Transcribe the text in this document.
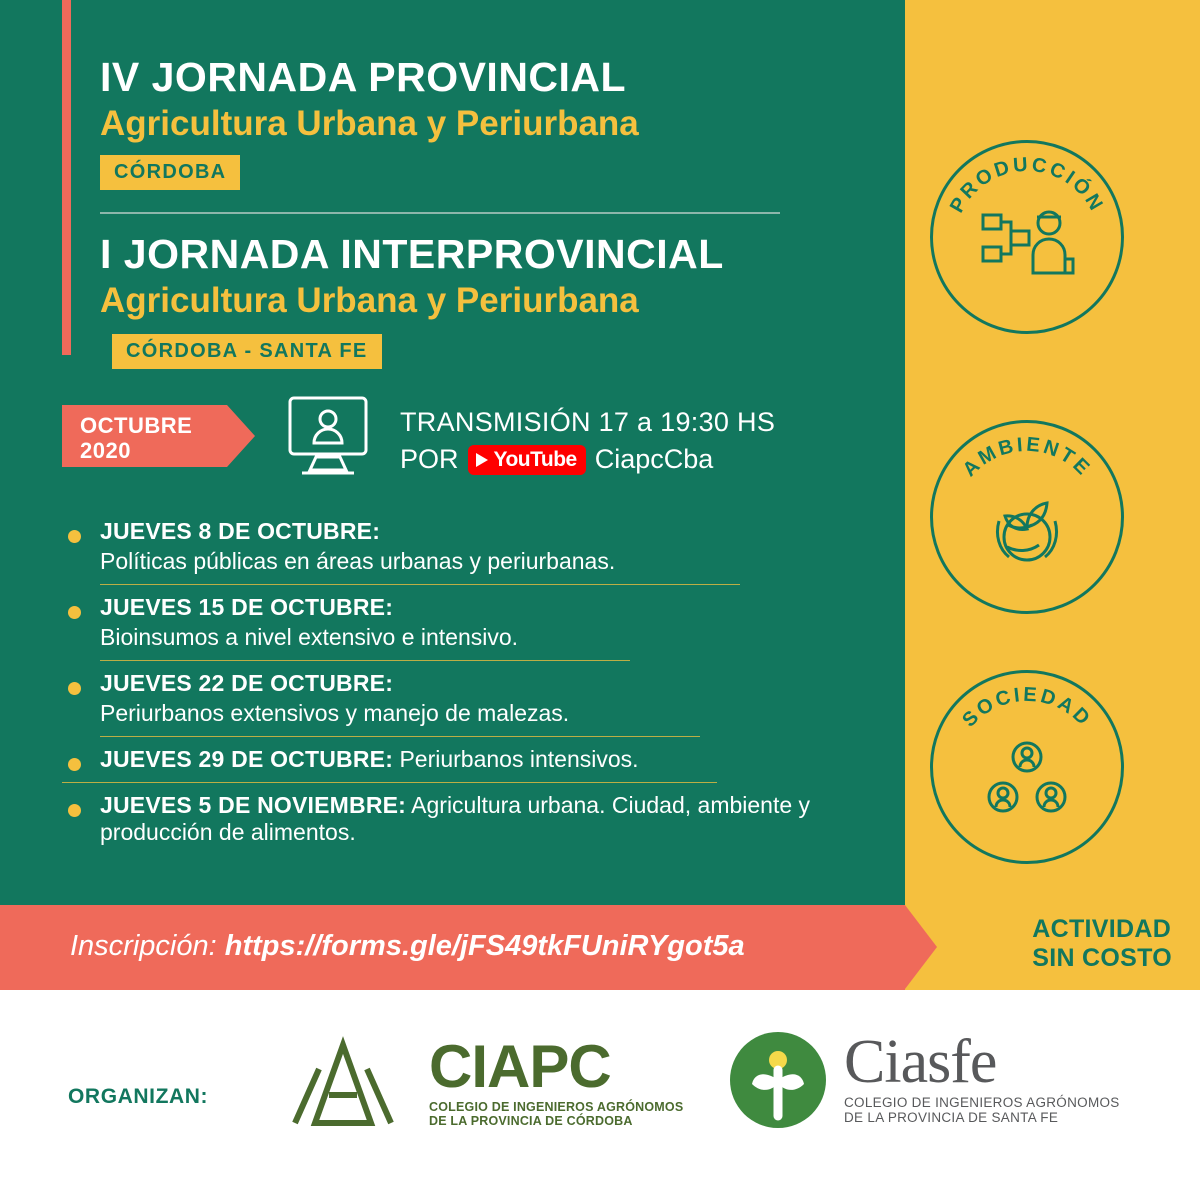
IV JORNADA PROVINCIAL
Agricultura Urbana y Periurbana
CÓRDOBA
I JORNADA INTERPROVINCIAL
Agricultura Urbana y Periurbana
CÓRDOBA - SANTA FE
OCTUBRE
2020
TRANSMISIÓN 17 a 19:30 HS
POR YouTube CiapcCba
JUEVES 8 DE OCTUBRE:
Políticas públicas en áreas urbanas y periurbanas.
JUEVES 15 DE OCTUBRE:
Bioinsumos a nivel extensivo e intensivo.
JUEVES 22 DE OCTUBRE:
Periurbanos extensivos y manejo de malezas.
JUEVES 29 DE OCTUBRE: Periurbanos intensivos.
JUEVES 5 DE NOVIEMBRE: Agricultura urbana. Ciudad, ambiente y producción de alimentos.
PRODUCCIÓN
AMBIENTE
SOCIEDAD
Inscripción: https://forms.gle/jFS49tkFUniRYgot5a
ACTIVIDAD
SIN COSTO
ORGANIZAN:	CIAPC
COLEGIO DE INGENIEROS AGRÓNOMOS
DE LA PROVINCIA DE CÓRDOBA
Ciasfe
COLEGIO DE INGENIEROS AGRÓNOMOS
DE LA PROVINCIA DE SANTA FE
